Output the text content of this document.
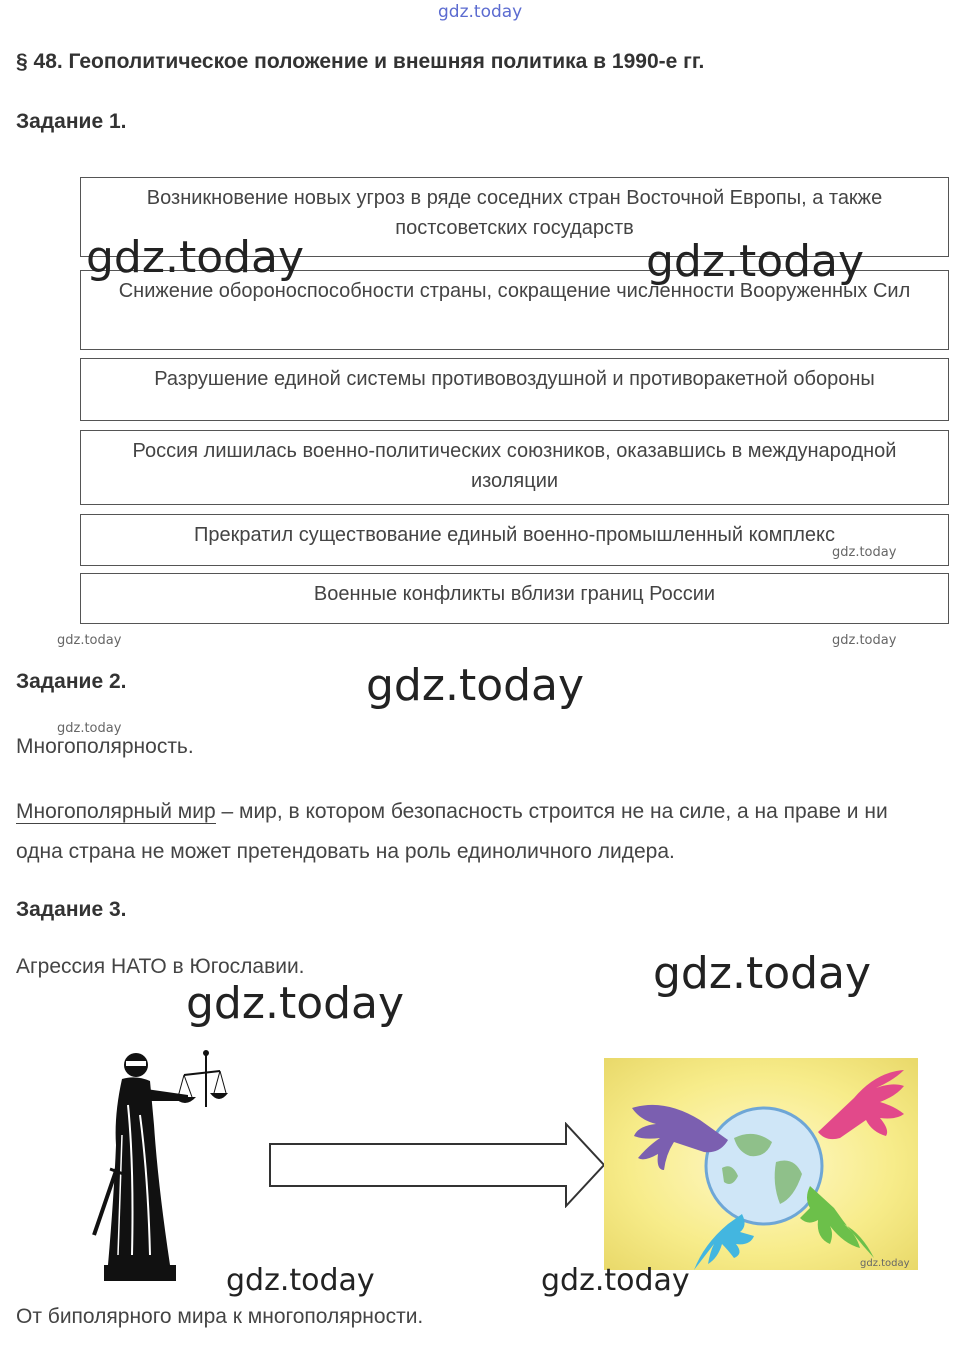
gdz.today
§ 48. Геополитическое положение и внешняя политика в 1990-е гг.
Задание 1.
Возникновение новых угроз в ряде соседних стран Восточной Европы, а также постсоветских государств
Снижение обороноспособности страны, сокращение численности Вооруженных Сил
Разрушение единой системы противовоздушной и противоракетной обороны
Россия лишилась военно-политических союзников, оказавшись в международной изоляции
Прекратил существование единый военно-промышленный комплекс
Военные конфликты вблизи границ России
gdz.today	gdz.today
gdz.today
gdz.today	gdz.today
Задание 2.	gdz.today
gdz.today
Многополярность.
Многополярный мир – мир, в котором безопасность строится не на силе, а на праве и ни одна страна не может претендовать на роль единоличного лидера.
Задание 3.
Агрессия НАТО в Югославии.	gdz.today
gdz.today
gdz.today
gdz.today	gdz.today
От биполярного мира к многополярности.
